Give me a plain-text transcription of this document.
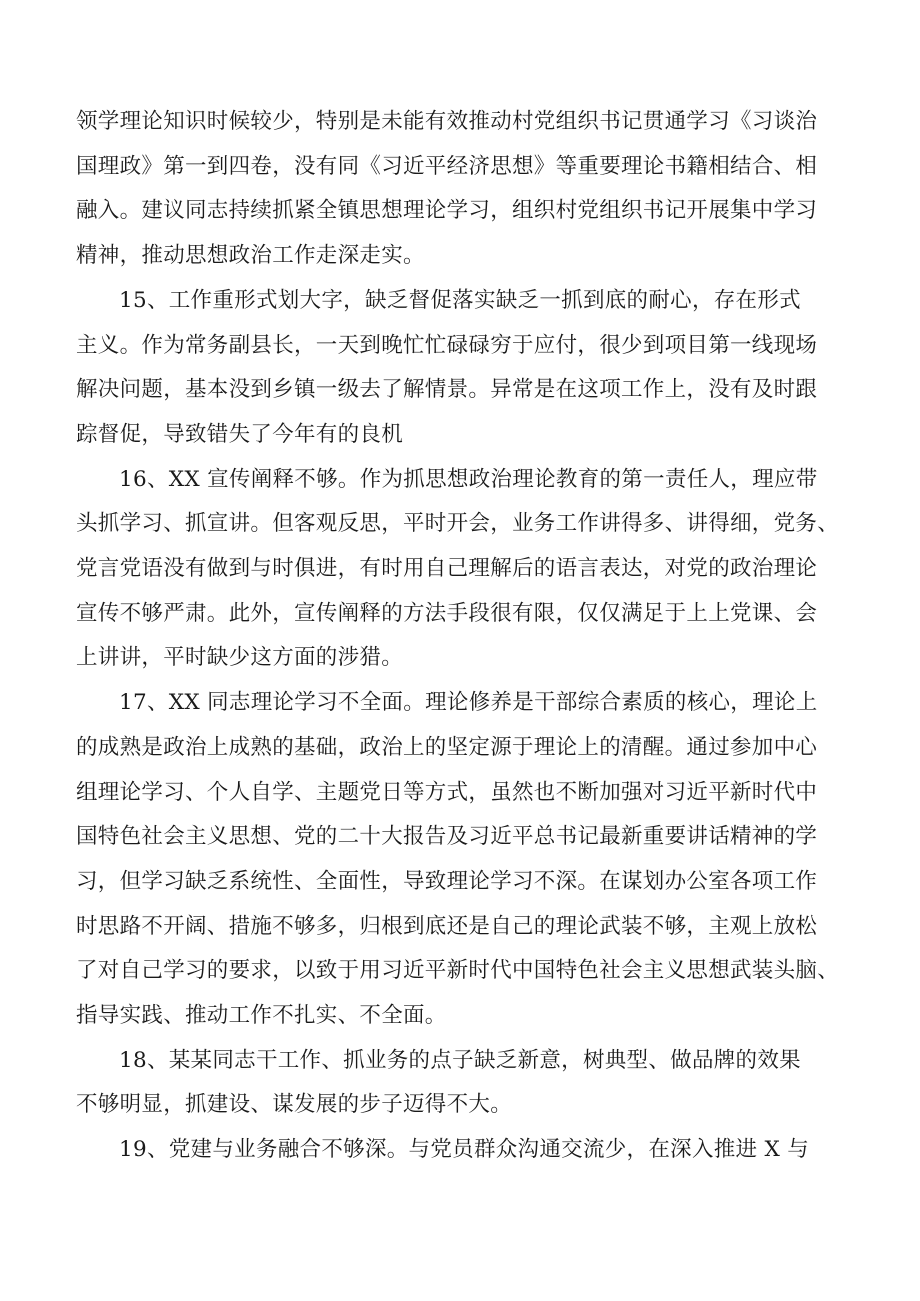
领学理论知识时候较少，特别是未能有效推动村党组织书记贯通学习《习谈治
国理政》第一到四卷，没有同《习近平经济思想》等重要理论书籍相结合、相
融入。建议同志持续抓紧全镇思想理论学习，组织村党组织书记开展集中学习
精神，推动思想政治工作走深走实。

15、工作重形式划大字，缺乏督促落实缺乏一抓到底的耐心，存在形式
主义。作为常务副县长，一天到晚忙忙碌碌穷于应付，很少到项目第一线现场
解决问题，基本没到乡镇一级去了解情景。异常是在这项工作上，没有及时跟
踪督促，导致错失了今年有的良机

16、XX 宣传阐释不够。作为抓思想政治理论教育的第一责任人，理应带
头抓学习、抓宣讲。但客观反思，平时开会，业务工作讲得多、讲得细，党务、
党言党语没有做到与时俱进，有时用自己理解后的语言表达，对党的政治理论
宣传不够严肃。此外，宣传阐释的方法手段很有限，仅仅满足于上上党课、会
上讲讲，平时缺少这方面的涉猎。

17、XX 同志理论学习不全面。理论修养是干部综合素质的核心，理论上
的成熟是政治上成熟的基础，政治上的坚定源于理论上的清醒。通过参加中心
组理论学习、个人自学、主题党日等方式，虽然也不断加强对习近平新时代中
国特色社会主义思想、党的二十大报告及习近平总书记最新重要讲话精神的学
习，但学习缺乏系统性、全面性，导致理论学习不深。在谋划办公室各项工作
时思路不开阔、措施不够多，归根到底还是自己的理论武装不够，主观上放松
了对自己学习的要求，以致于用习近平新时代中国特色社会主义思想武装头脑、
指导实践、推动工作不扎实、不全面。

18、某某同志干工作、抓业务的点子缺乏新意，树典型、做品牌的效果
不够明显，抓建设、谋发展的步子迈得不大。

19、党建与业务融合不够深。与党员群众沟通交流少，在深入推进 X 与
